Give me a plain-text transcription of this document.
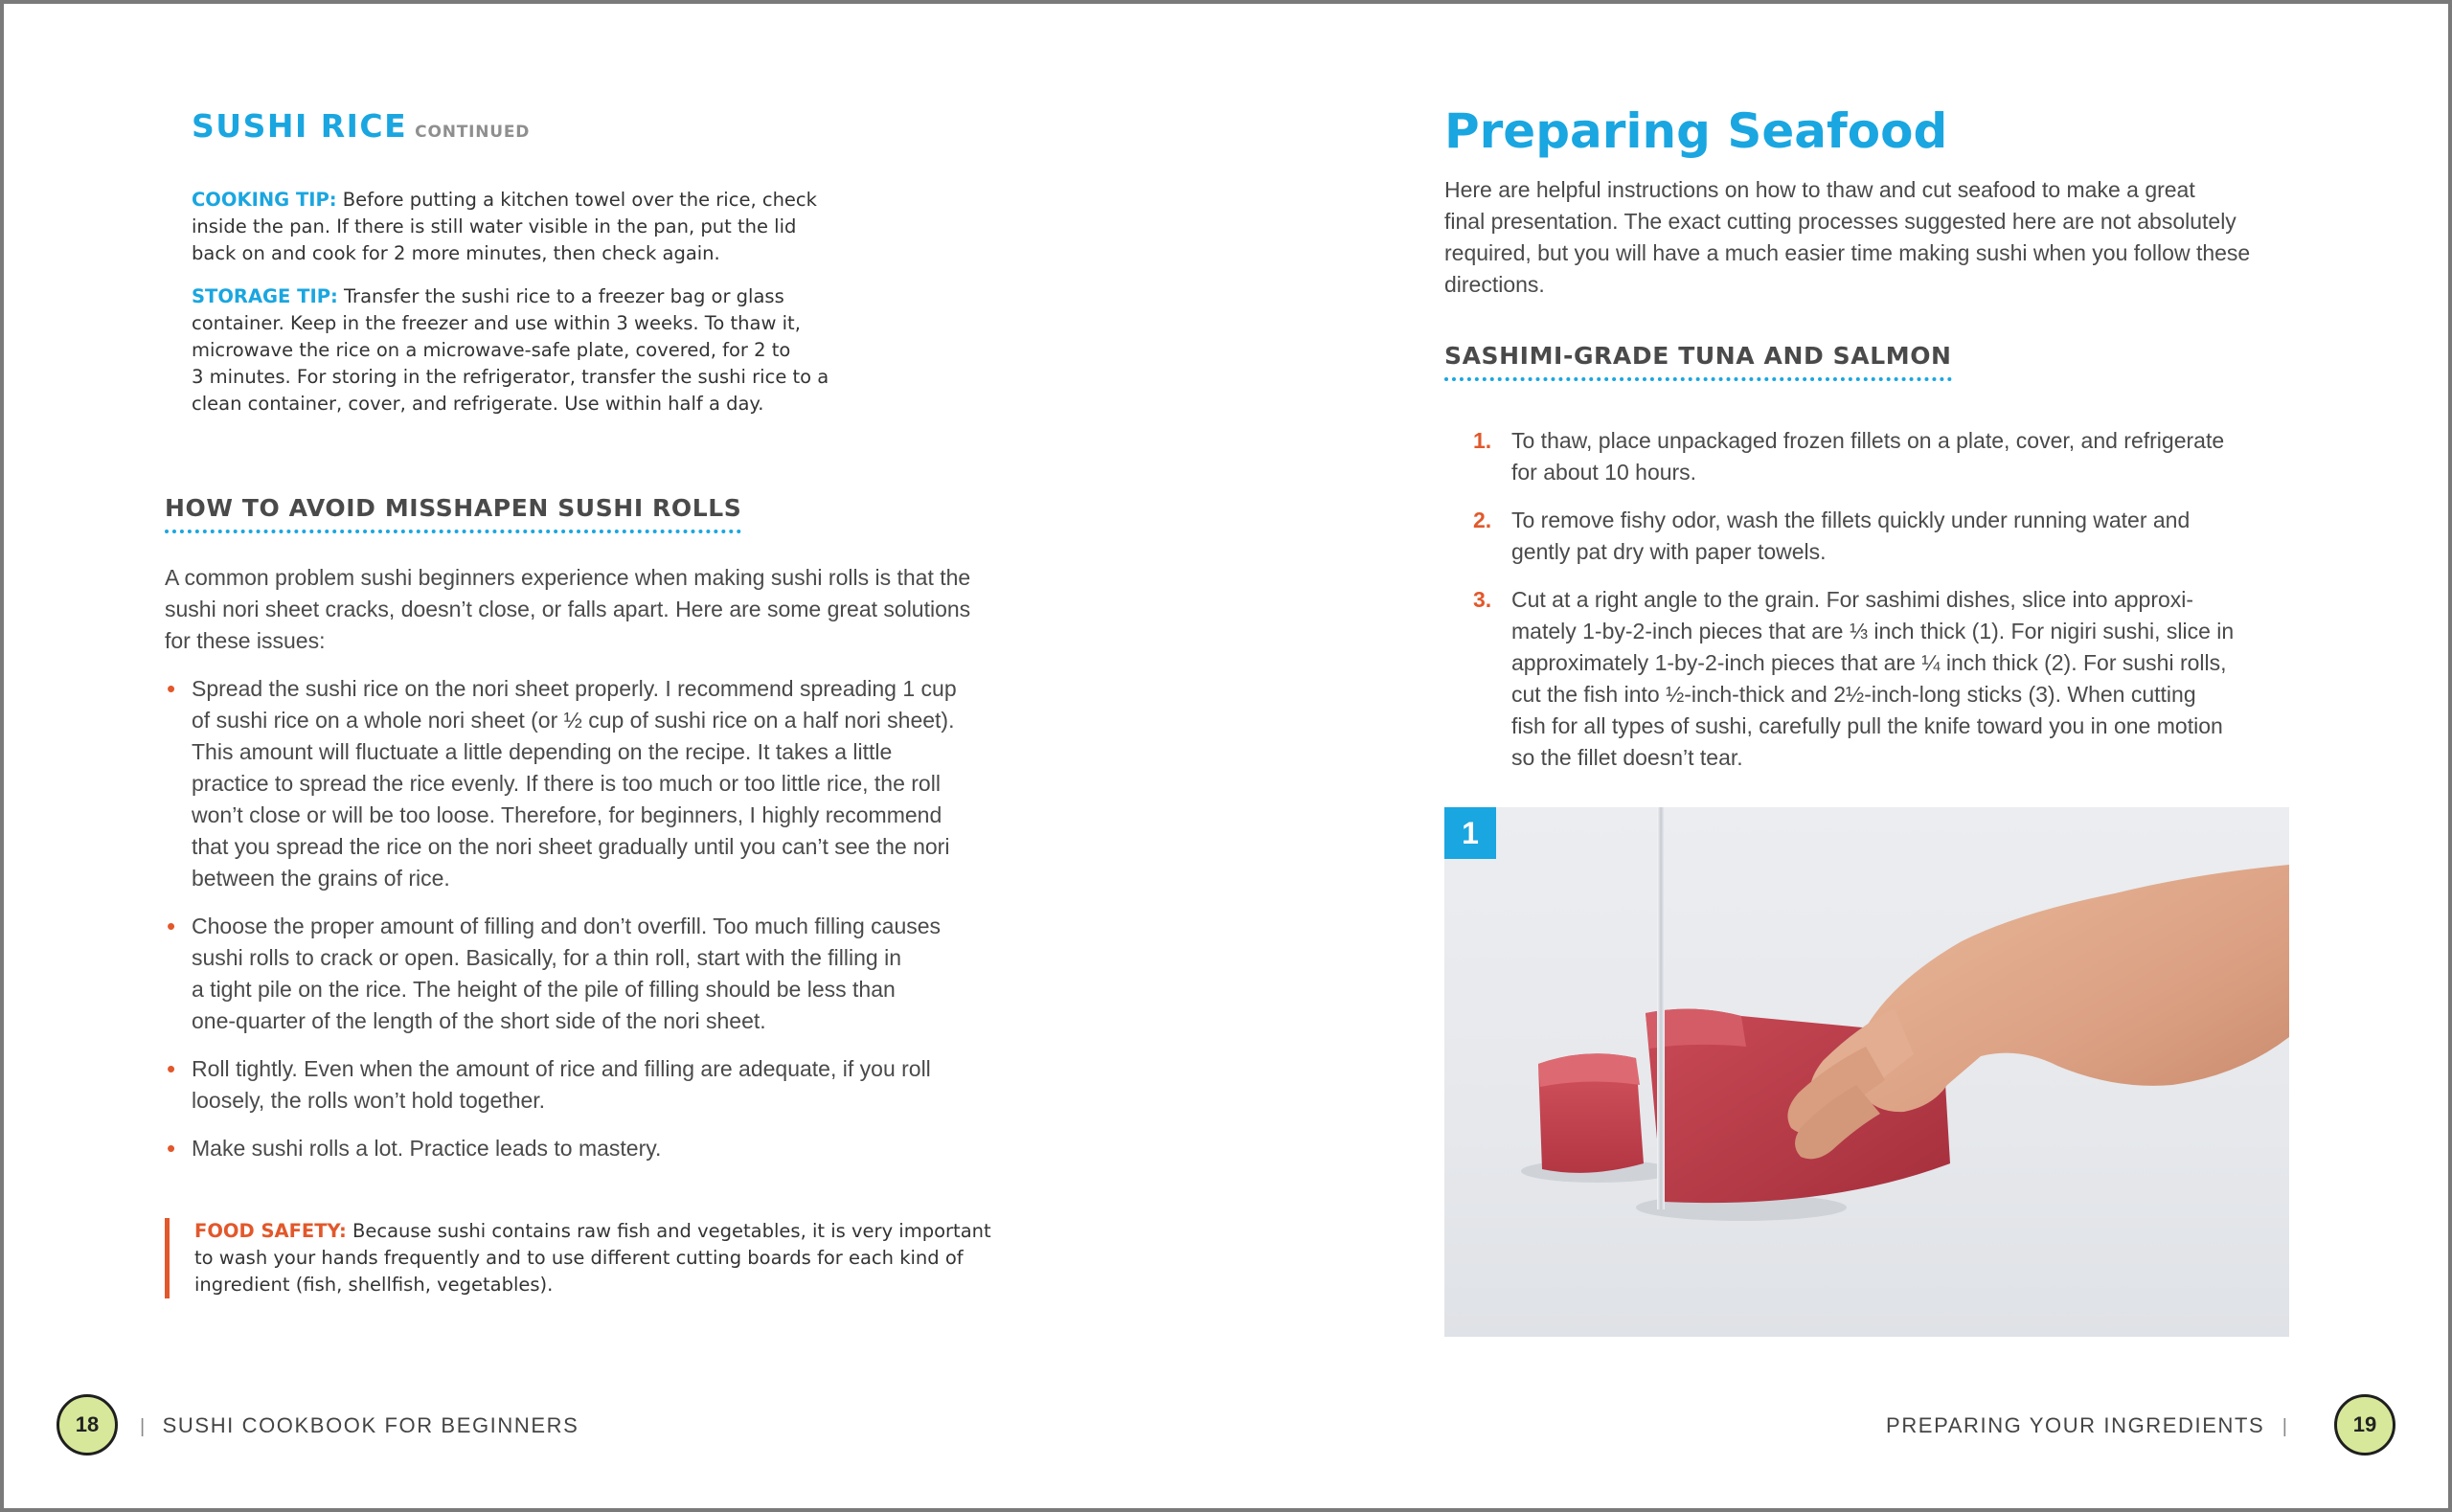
SUSHI RICE CONTINUED
COOKING TIP: Before putting a kitchen towel over the rice, check
inside the pan. If there is still water visible in the pan, put the lid
back on and cook for 2 more minutes, then check again.
STORAGE TIP: Transfer the sushi rice to a freezer bag or glass
container. Keep in the freezer and use within 3 weeks. To thaw it,
microwave the rice on a microwave-safe plate, covered, for 2 to
3 minutes. For storing in the refrigerator, transfer the sushi rice to a
clean container, cover, and refrigerate. Use within half a day.
HOW TO AVOID MISSHAPEN SUSHI ROLLS
A common problem sushi beginners experience when making sushi rolls is that the
sushi nori sheet cracks, doesn’t close, or falls apart. Here are some great solutions
for these issues:
• Spread the sushi rice on the nori sheet properly. I recommend spreading 1 cup
of sushi rice on a whole nori sheet (or ½ cup of sushi rice on a half nori sheet).
This amount will fluctuate a little depending on the recipe. It takes a little
practice to spread the rice evenly. If there is too much or too little rice, the roll
won’t close or will be too loose. Therefore, for beginners, I highly recommend
that you spread the rice on the nori sheet gradually until you can’t see the nori
between the grains of rice.
• Choose the proper amount of filling and don’t overfill. Too much filling causes
sushi rolls to crack or open. Basically, for a thin roll, start with the filling in
a tight pile on the rice. The height of the pile of filling should be less than
one-quarter of the length of the short side of the nori sheet.
• Roll tightly. Even when the amount of rice and filling are adequate, if you roll
loosely, the rolls won’t hold together.
• Make sushi rolls a lot. Practice leads to mastery.
FOOD SAFETY: Because sushi contains raw fish and vegetables, it is very important
to wash your hands frequently and to use different cutting boards for each kind of
ingredient (fish, shellfish, vegetables).
18	| SUSHI COOKBOOK FOR BEGINNERS
Preparing Seafood
Here are helpful instructions on how to thaw and cut seafood to make a great
final presentation. The exact cutting processes suggested here are not absolutely
required, but you will have a much easier time making sushi when you follow these
directions.
SASHIMI-GRADE TUNA AND SALMON
1. To thaw, place unpackaged frozen fillets on a plate, cover, and refrigerate
for about 10 hours.
2. To remove fishy odor, wash the fillets quickly under running water and
gently pat dry with paper towels.
3. Cut at a right angle to the grain. For sashimi dishes, slice into approxi-
mately 1-by-2-inch pieces that are ⅓ inch thick (1). For nigiri sushi, slice in
approximately 1-by-2-inch pieces that are ¼ inch thick (2). For sushi rolls,
cut the fish into ½-inch-thick and 2½-inch-long sticks (3). When cutting
fish for all types of sushi, carefully pull the knife toward you in one motion
so the fillet doesn’t tear.
1
PREPARING YOUR INGREDIENTS |	19
